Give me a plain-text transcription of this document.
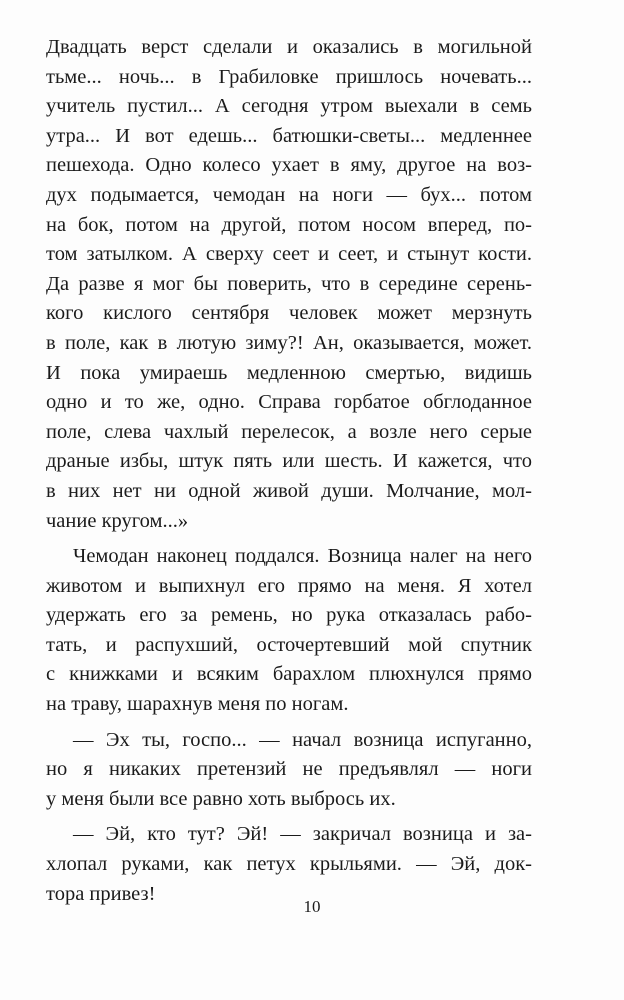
Двадцать верст сделали и оказались в могильной
тьме... ночь... в Грабиловке пришлось ночевать...
учитель пустил... А сегодня утром выехали в семь
утра... И вот едешь... батюшки-светы... медленнее
пешехода. Одно колесо ухает в яму, другое на воз-
дух подымается, чемодан на ноги — бух... потом
на бок, потом на другой, потом носом вперед, по-
том затылком. А сверху сеет и сеет, и стынут кости.
Да разве я мог бы поверить, что в середине серень-
кого кислого сентября человек может мерзнуть
в поле, как в лютую зиму?! Ан, оказывается, может.
И пока умираешь медленною смертью, видишь
одно и то же, одно. Справа горбатое обглоданное
поле, слева чахлый перелесок, а возле него серые
драные избы, штук пять или шесть. И кажется, что
в них нет ни одной живой души. Молчание, мол-
чание кругом...»
Чемодан наконец поддался. Возница налег на него
животом и выпихнул его прямо на меня. Я хотел
удержать его за ремень, но рука отказалась рабо-
тать, и распухший, осточертевший мой спутник
с книжками и всяким барахлом плюхнулся прямо
на траву, шарахнув меня по ногам.
— Эх ты, госпо... — начал возница испуганно,
но я никаких претензий не предъявлял — ноги
у меня были все равно хоть выбрось их.
— Эй, кто тут? Эй! — закричал возница и за-
хлопал руками, как петух крыльями. — Эй, док-
тора привез!
10
